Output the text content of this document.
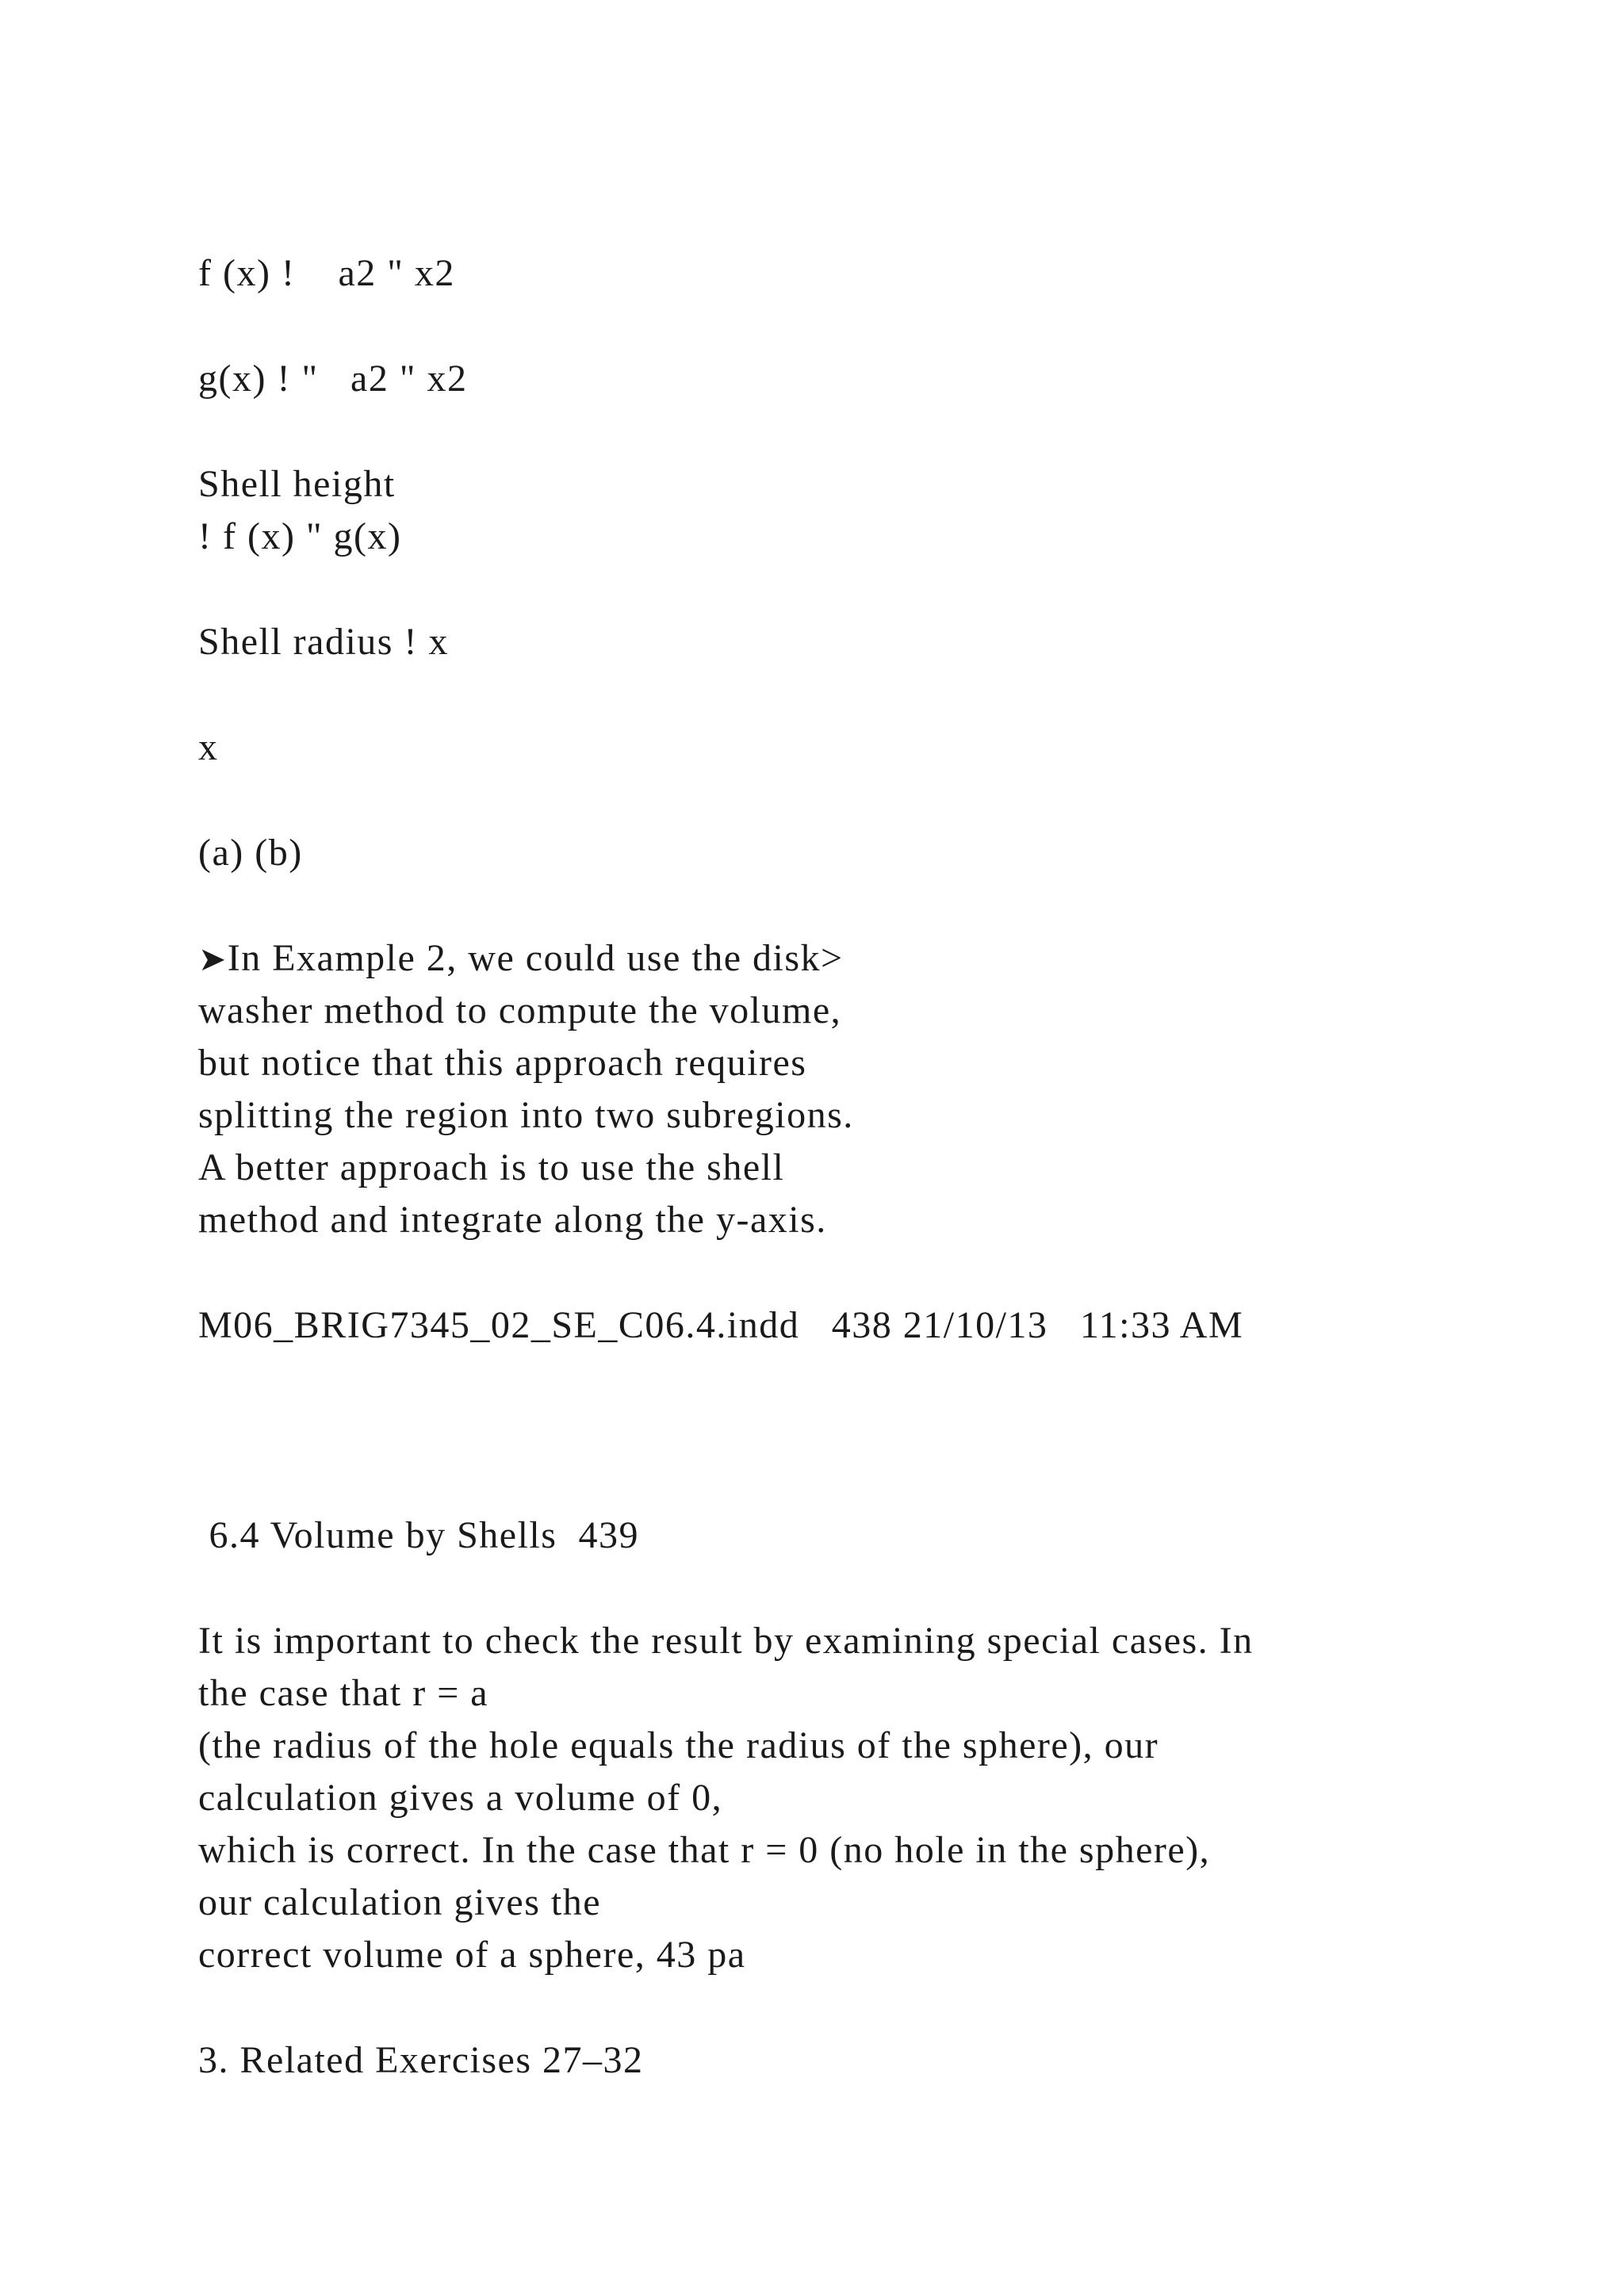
f (x) !    a2 " x2

g(x) ! "   a2 " x2

Shell height

! f (x) " g(x)

Shell radius ! x

x

(a) (b)

➤In Example 2, we could use the disk>

washer method to compute the volume,

but notice that this approach requires

splitting the region into two subregions.

A better approach is to use the shell

method and integrate along the y-axis.

M06_BRIG7345_02_SE_C06.4.indd   438 21/10/13   11:33 AM

6.4 Volume by Shells  439

It is important to check the result by examining special cases. In

the case that r = a

(the radius of the hole equals the radius of the sphere), our

calculation gives a volume of 0,

which is correct. In the case that r = 0 (no hole in the sphere),

our calculation gives the

correct volume of a sphere, 43 pa

3. Related Exercises 27–32
